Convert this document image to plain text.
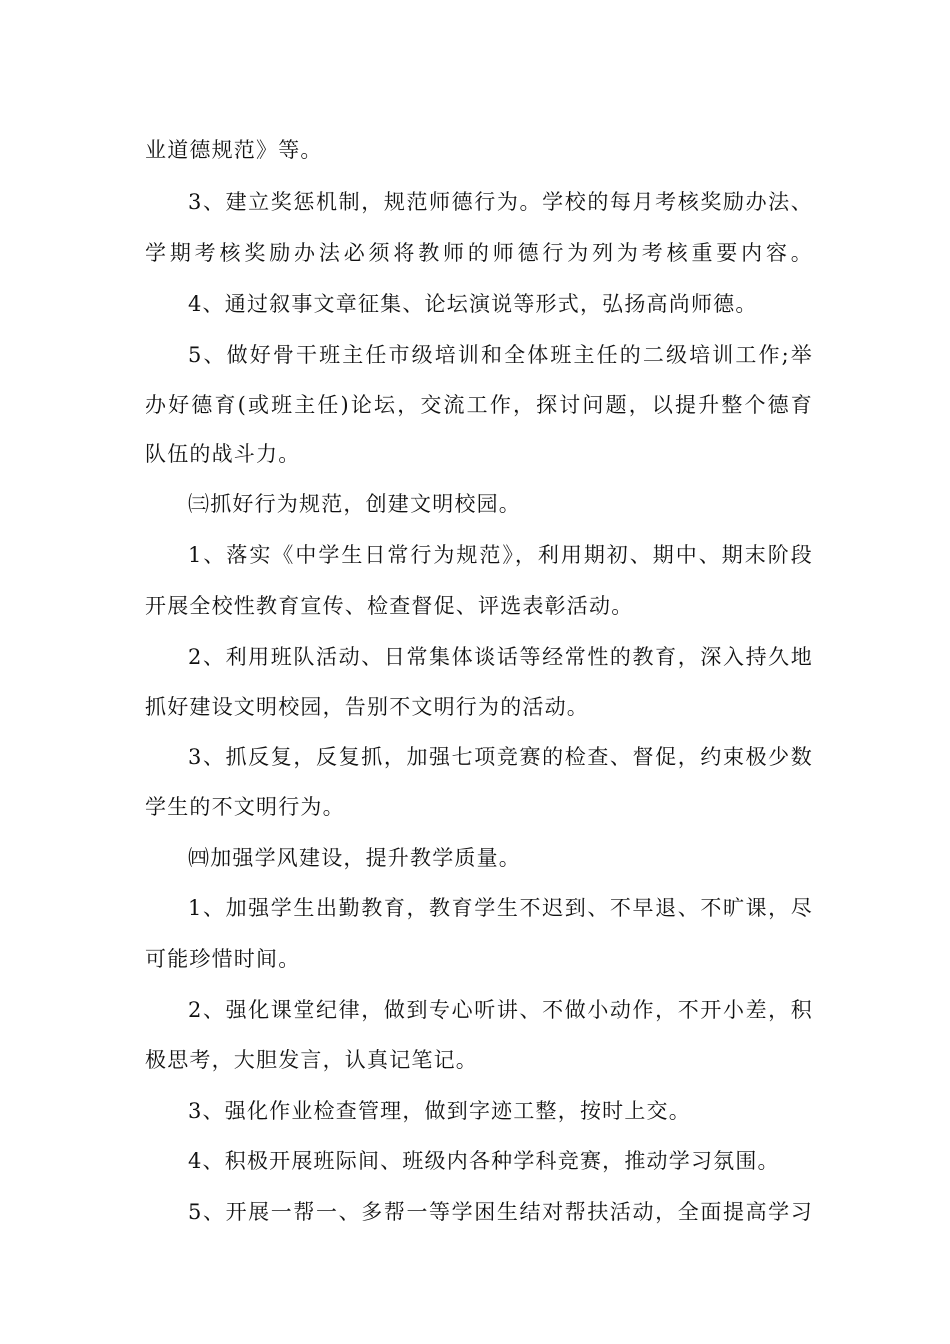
业道德规范》等。
3、建立奖惩机制，规范师德行为。学校的每月考核奖励办法、
学期考核奖励办法必须将教师的师德行为列为考核重要内容。
4、通过叙事文章征集、论坛演说等形式，弘扬高尚师德。
5、做好骨干班主任市级培训和全体班主任的二级培训工作;举
办好德育(或班主任)论坛，交流工作，探讨问题，以提升整个德育
队伍的战斗力。
㈢抓好行为规范，创建文明校园。
1、落实《中学生日常行为规范》，利用期初、期中、期末阶段
开展全校性教育宣传、检查督促、评选表彰活动。
2、利用班队活动、日常集体谈话等经常性的教育，深入持久地
抓好建设文明校园，告别不文明行为的活动。
3、抓反复，反复抓，加强七项竞赛的检查、督促，约束极少数
学生的不文明行为。
㈣加强学风建设，提升教学质量。
1、加强学生出勤教育，教育学生不迟到、不早退、不旷课，尽
可能珍惜时间。
2、强化课堂纪律，做到专心听讲、不做小动作，不开小差，积
极思考，大胆发言，认真记笔记。
3、强化作业检查管理，做到字迹工整，按时上交。
4、积极开展班际间、班级内各种学科竞赛，推动学习氛围。
5、开展一帮一、多帮一等学困生结对帮扶活动，全面提高学习
